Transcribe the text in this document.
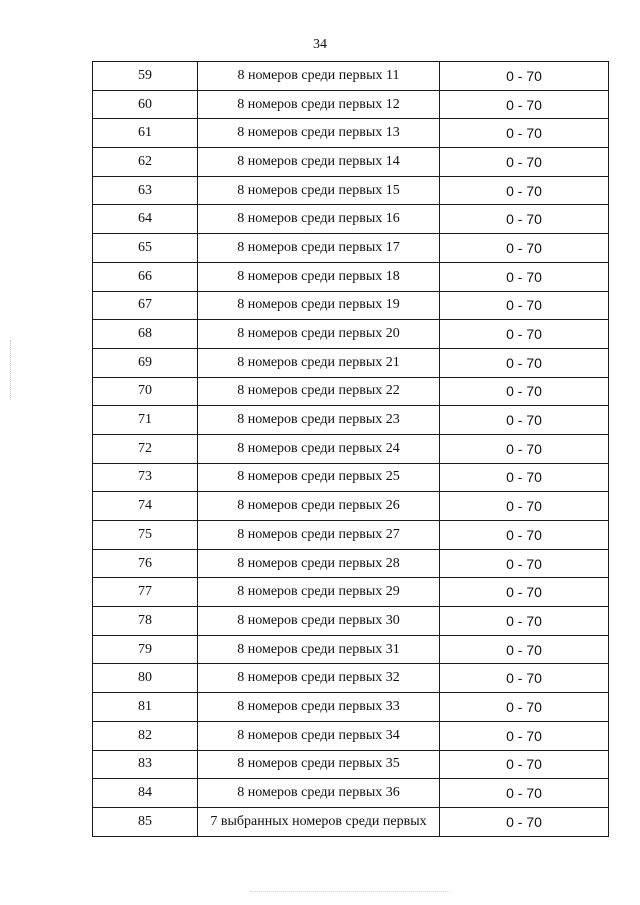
34
59	8 номеров среди первых 11	0 - 70
60	8 номеров среди первых 12	0 - 70
61	8 номеров среди первых 13	0 - 70
62	8 номеров среди первых 14	0 - 70
63	8 номеров среди первых 15	0 - 70
64	8 номеров среди первых 16	0 - 70
65	8 номеров среди первых 17	0 - 70
66	8 номеров среди первых 18	0 - 70
67	8 номеров среди первых 19	0 - 70
68	8 номеров среди первых 20	0 - 70
69	8 номеров среди первых 21	0 - 70
70	8 номеров среди первых 22	0 - 70
71	8 номеров среди первых 23	0 - 70
72	8 номеров среди первых 24	0 - 70
73	8 номеров среди первых 25	0 - 70
74	8 номеров среди первых 26	0 - 70
75	8 номеров среди первых 27	0 - 70
76	8 номеров среди первых 28	0 - 70
77	8 номеров среди первых 29	0 - 70
78	8 номеров среди первых 30	0 - 70
79	8 номеров среди первых 31	0 - 70
80	8 номеров среди первых 32	0 - 70
81	8 номеров среди первых 33	0 - 70
82	8 номеров среди первых 34	0 - 70
83	8 номеров среди первых 35	0 - 70
84	8 номеров среди первых 36	0 - 70
85	7 выбранных номеров среди первых	0 - 70
